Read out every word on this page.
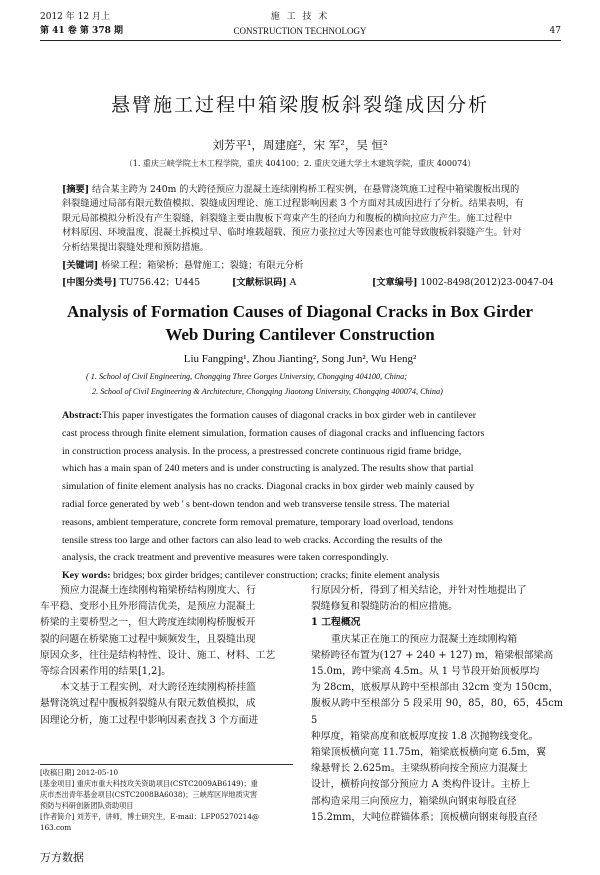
2012 年 12 月上
第 41 卷 第 378 期
施 工 技 术
CONSTRUCTION TECHNOLOGY	47
悬臂施工过程中箱梁腹板斜裂缝成因分析
刘芳平¹，周建庭²，宋 军²，吴 恒²
（1. 重庆三峡学院土木工程学院，重庆 404100；2. 重庆交通大学土木建筑学院，重庆 400074）
[摘要] 结合某主跨为 240m 的大跨径预应力混凝土连续刚构桥工程实例，在悬臂浇筑施工过程中箱梁腹板出现的
斜裂缝通过局部有限元数值模拟、裂缝成因理论、施工过程影响因素 3 个方面对其成因进行了分析。结果表明，有
限元局部模拟分析没有产生裂缝，斜裂缝主要由腹板下弯束产生的径向力和腹板的横向拉应力产生。施工过程中
材料原因、环境温度、混凝土拆模过早、临时堆载超载、预应力张拉过大等因素也可能导致腹板斜裂缝产生。针对
分析结果提出裂缝处理和预防措施。
[关键词] 桥梁工程；箱梁桥；悬臂施工；裂缝；有限元分析
[中图分类号] TU756.42；U445	[文献标识码] A	[文章编号] 1002-8498(2012)23-0047-04
Analysis of Formation Causes of Diagonal Cracks in Box Girder
Web During Cantilever Construction
Liu Fangping¹, Zhou Jianting², Song Jun², Wu Heng²
( 1. School of Civil Engineering, Chongqing Three Gorges University, Chongqing 404100, China;
2. School of Civil Engineering & Architecture, Chongqing Jiaotong University, Chongqing 400074, China)
Abstract:This paper investigates the formation causes of diagonal cracks in box girder web in cantilever
cast process through finite element simulation, formation causes of diagonal cracks and influencing factors
in construction process analysis. In the process, a prestressed concrete continuous rigid frame bridge,
which has a main span of 240 meters and is under constructing is analyzed. The results show that partial
simulation of finite element analysis has no cracks. Diagonal cracks in box girder web mainly caused by
radial force generated by web ' s bent-down tendon and web transverse tensile stress. The material
reasons, ambient temperature, concrete form removal premature, temporary load overload, tendons
tensile stress too large and other factors can also lead to web cracks. According the results of the
analysis, the crack treatment and preventive measures were taken correspondingly.
Key words: bridges; box girder bridges; cantilever construction; cracks; finite element analysis
预应力混凝土连续刚构箱梁桥结构刚度大、行
车平稳、变形小且外形简洁优美，是预应力混凝土
桥梁的主要桥型之一，但大跨度连续刚构桥腹板开
裂的问题在桥梁施工过程中频频发生，且裂缝出现
原因众多，往往是结构特性、设计、施工、材料、工艺
等综合因素作用的结果[1,2]。
本文基于工程实例，对大跨径连续刚构桥挂篮
悬臂浇筑过程中腹板斜裂缝从有限元数值模拟，成
因理论分析，施工过程中影响因素查找 3 个方面进
[收稿日期] 2012-05-10
[基金项目] 重庆市重大科技攻关资助项目(CSTC2009AB6149)；重
庆市杰出青年基金项目(CSTC2008BA6038)；三峡库区岸地质灾害
预防与科研创新团队资助项目
[作者简介] 刘芳平，讲师，博士研究生，E-mail：LFP05270214@
163.com
行原因分析，得到了相关结论，并针对性地提出了
裂缝修复和裂缝防治的相应措施。
1 工程概况
重庆某正在施工的预应力混凝土连续刚构箱
梁桥跨径布置为(127 + 240 + 127) m，箱梁根部梁高
15.0m，跨中梁高 4.5m。从 1 号节段开始顶板厚均
为 28cm，底板厚从跨中至根部由 32cm 变为 150cm，
腹板从跨中至根部分 5 段采用 90，85，80，65，45cm 5
种厚度，箱梁高度和底板厚度按 1.8 次抛物线变化。
箱梁顶板横向宽 11.75m，箱梁底板横向宽 6.5m，翼
缘悬臂长 2.625m。主梁纵桥向按全预应力混凝土
设计，横桥向按部分预应力 A 类构件设计。主桥上
部构造采用三向预应力，箱梁纵向钢束每股直径
15.2mm，大吨位群锚体系；顶板横向钢束每股直径
万方数据
